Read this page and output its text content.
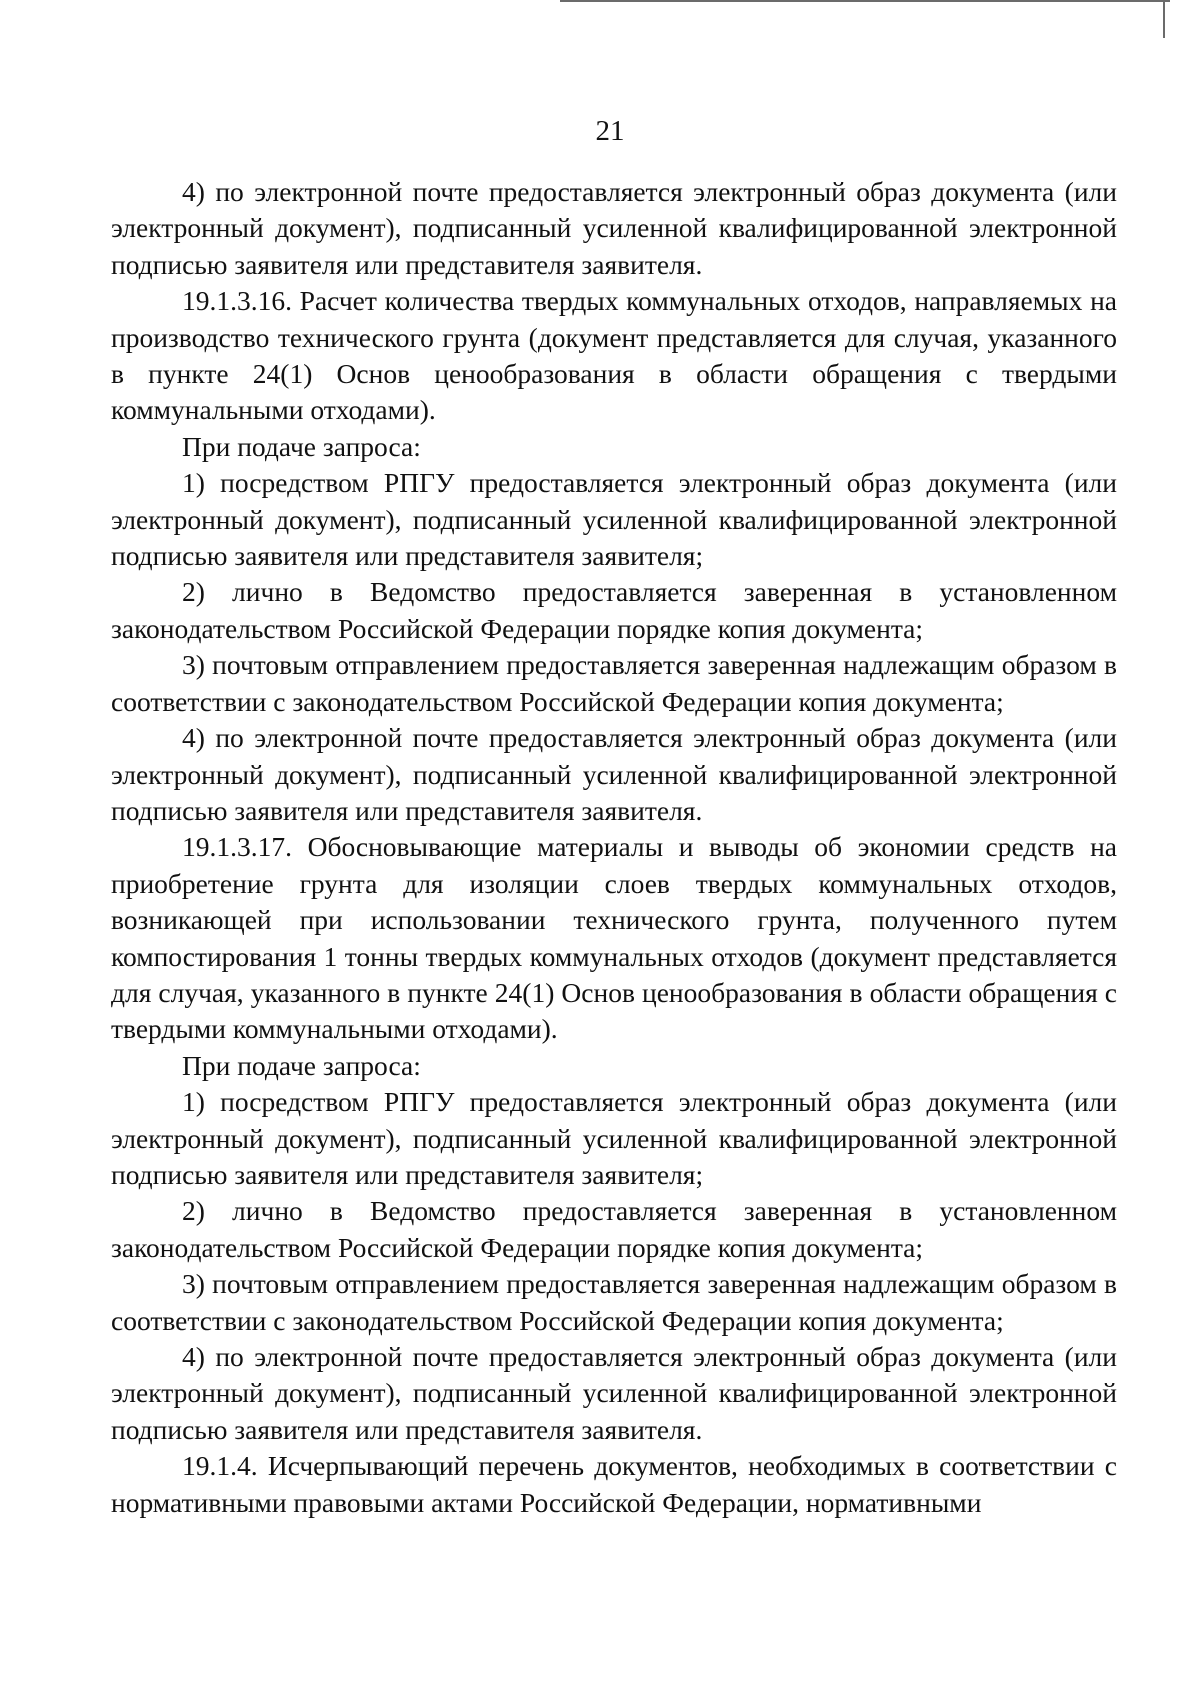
21

4) по электронной почте предоставляется электронный образ документа (или электронный документ), подписанный усиленной квалифицированной электронной подписью заявителя или представителя заявителя.

19.1.3.16. Расчет количества твердых коммунальных отходов, направляемых на производство технического грунта (документ представляется для случая, указанного в пункте 24(1) Основ ценообразования в области обращения с твердыми коммунальными отходами).

При подаче запроса:

1) посредством РПГУ предоставляется электронный образ документа (или электронный документ), подписанный усиленной квалифицированной электронной подписью заявителя или представителя заявителя;

2) лично в Ведомство предоставляется заверенная в установленном законодательством Российской Федерации порядке копия документа;

3) почтовым отправлением предоставляется заверенная надлежащим образом в соответствии с законодательством Российской Федерации копия документа;

4) по электронной почте предоставляется электронный образ документа (или электронный документ), подписанный усиленной квалифицированной электронной подписью заявителя или представителя заявителя.

19.1.3.17. Обосновывающие материалы и выводы об экономии средств на приобретение грунта для изоляции слоев твердых коммунальных отходов, возникающей при использовании технического грунта, полученного путем компостирования 1 тонны твердых коммунальных отходов (документ представляется для случая, указанного в пункте 24(1) Основ ценообразования в области обращения с твердыми коммунальными отходами).

При подаче запроса:

1) посредством РПГУ предоставляется электронный образ документа (или электронный документ), подписанный усиленной квалифицированной электронной подписью заявителя или представителя заявителя;

2) лично в Ведомство предоставляется заверенная в установленном законодательством Российской Федерации порядке копия документа;

3) почтовым отправлением предоставляется заверенная надлежащим образом в соответствии с законодательством Российской Федерации копия документа;

4) по электронной почте предоставляется электронный образ документа (или электронный документ), подписанный усиленной квалифицированной электронной подписью заявителя или представителя заявителя.

19.1.4. Исчерпывающий перечень документов, необходимых в соответствии с нормативными правовыми актами Российской Федерации, нормативными
